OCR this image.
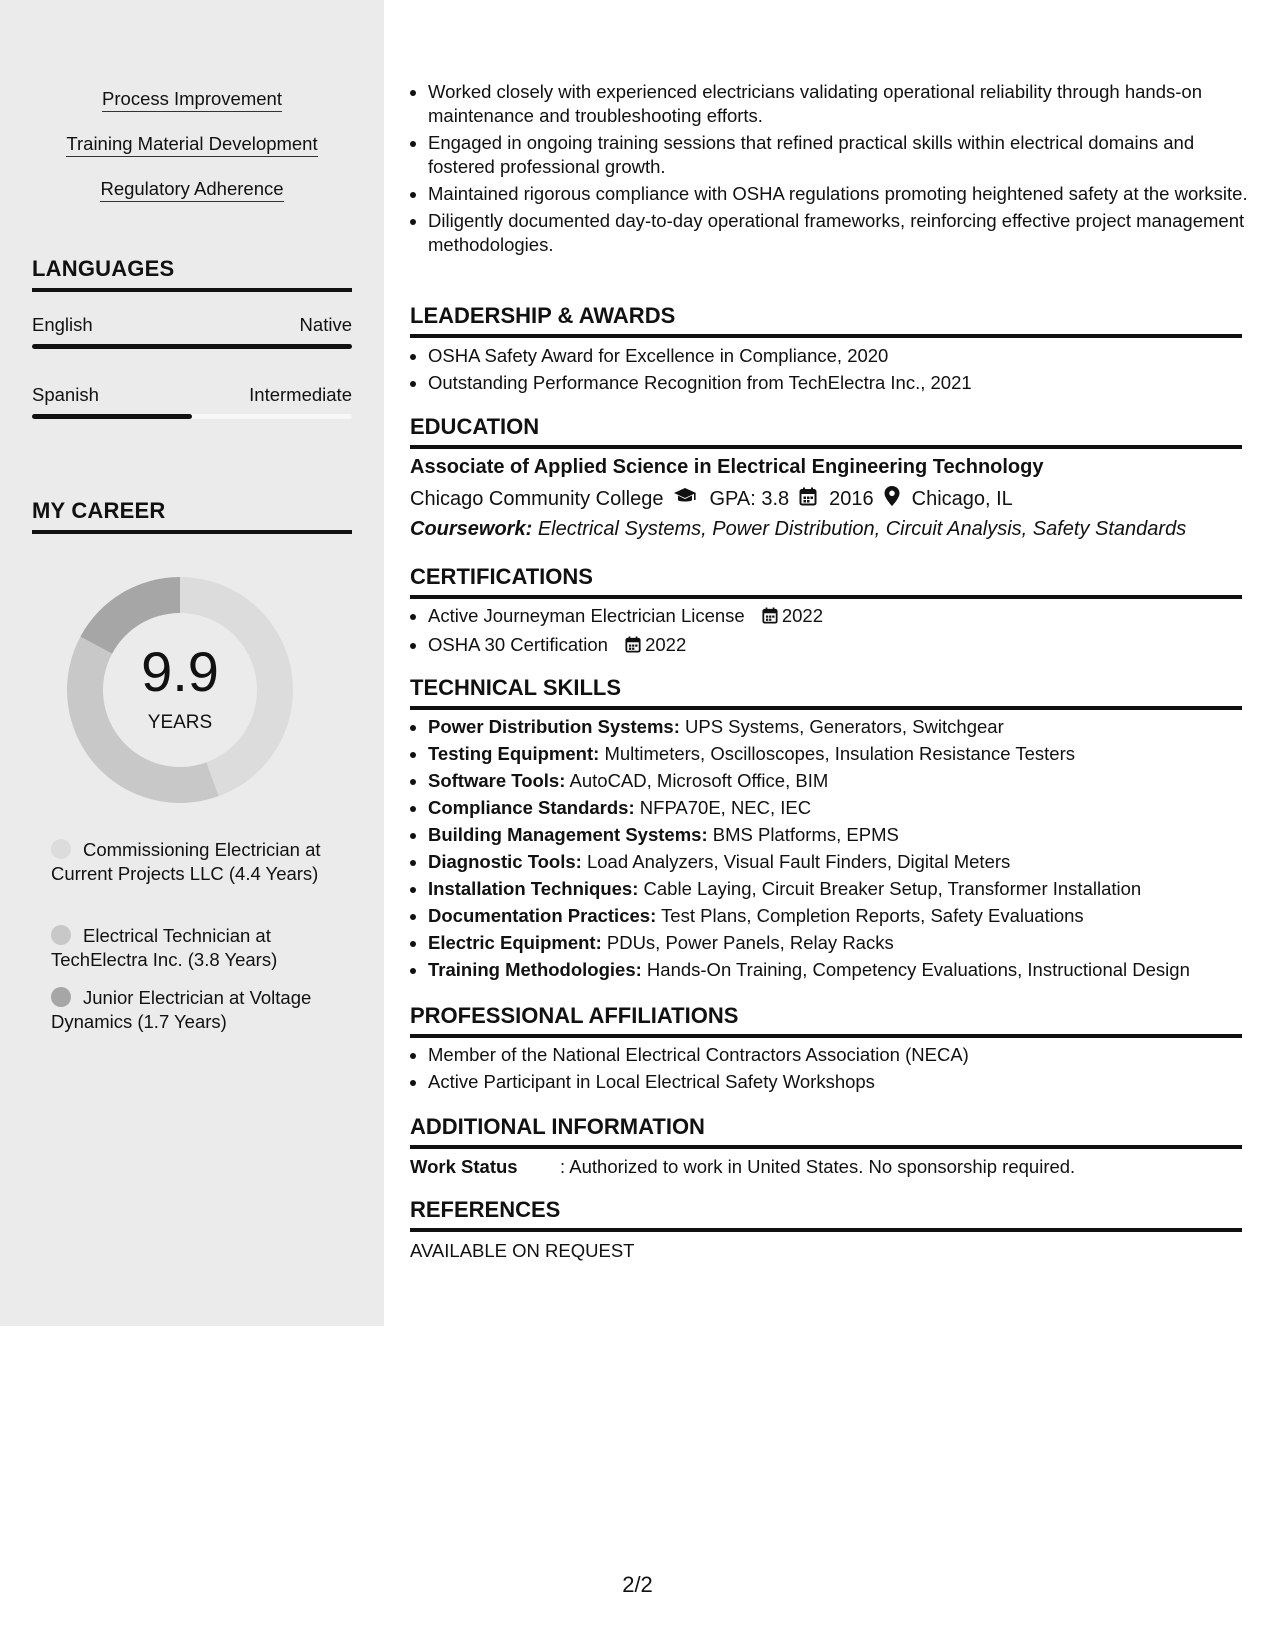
Process Improvement
Training Material Development
Regulatory Adherence
LANGUAGES
English	Native
Spanish	Intermediate
MY CAREER
9.9
YEARS
Commissioning Electrician at Current Projects LLC (4.4 Years)
Electrical Technician at TechElectra Inc. (3.8 Years)
Junior Electrician at Voltage Dynamics (1.7 Years)
• Worked closely with experienced electricians validating operational reliability through hands-on maintenance and troubleshooting efforts.
• Engaged in ongoing training sessions that refined practical skills within electrical domains and fostered professional growth.
• Maintained rigorous compliance with OSHA regulations promoting heightened safety at the worksite.
• Diligently documented day-to-day operational frameworks, reinforcing effective project management methodologies.
LEADERSHIP & AWARDS
• OSHA Safety Award for Excellence in Compliance, 2020
• Outstanding Performance Recognition from TechElectra Inc., 2021
EDUCATION
Associate of Applied Science in Electrical Engineering Technology
Chicago Community College GPA: 3.8 2016 Chicago, IL
Coursework: Electrical Systems, Power Distribution, Circuit Analysis, Safety Standards
CERTIFICATIONS
• Active Journeyman Electrician License 2022
• OSHA 30 Certification 2022
TECHNICAL SKILLS
• Power Distribution Systems: UPS Systems, Generators, Switchgear
• Testing Equipment: Multimeters, Oscilloscopes, Insulation Resistance Testers
• Software Tools: AutoCAD, Microsoft Office, BIM
• Compliance Standards: NFPA70E, NEC, IEC
• Building Management Systems: BMS Platforms, EPMS
• Diagnostic Tools: Load Analyzers, Visual Fault Finders, Digital Meters
• Installation Techniques: Cable Laying, Circuit Breaker Setup, Transformer Installation
• Documentation Practices: Test Plans, Completion Reports, Safety Evaluations
• Electric Equipment: PDUs, Power Panels, Relay Racks
• Training Methodologies: Hands-On Training, Competency Evaluations, Instructional Design
PROFESSIONAL AFFILIATIONS
• Member of the National Electrical Contractors Association (NECA)
• Active Participant in Local Electrical Safety Workshops
ADDITIONAL INFORMATION
Work Status : Authorized to work in United States. No sponsorship required.
REFERENCES
AVAILABLE ON REQUEST
2/2
